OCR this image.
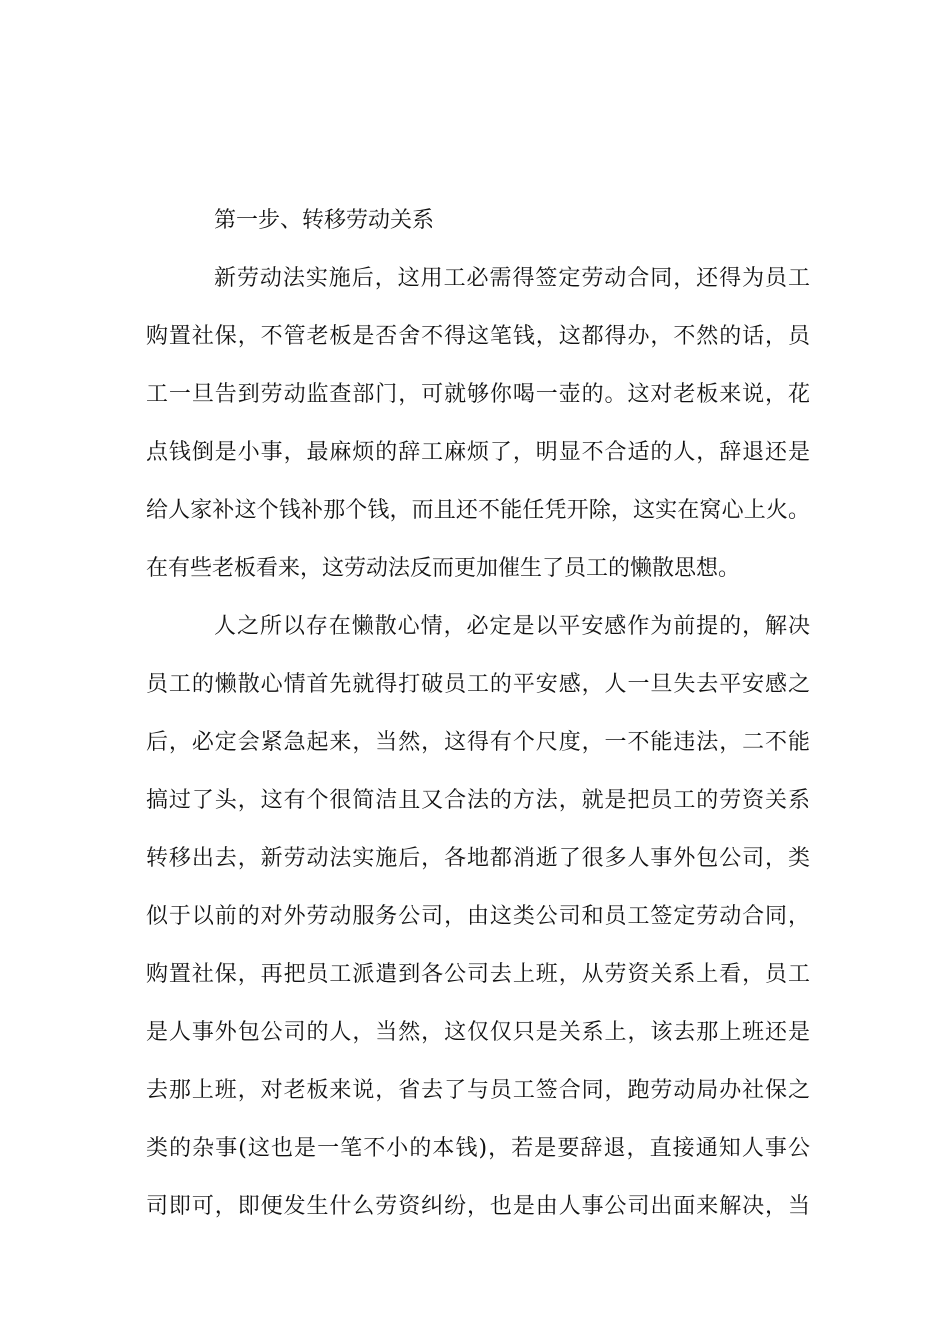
第一步、转移劳动关系
新劳动法实施后，这用工必需得签定劳动合同，还得为员工
购置社保，不管老板是否舍不得这笔钱，这都得办，不然的话，员
工一旦告到劳动监查部门，可就够你喝一壶的。这对老板来说，花
点钱倒是小事，最麻烦的辞工麻烦了，明显不合适的人，辞退还是
给人家补这个钱补那个钱，而且还不能任凭开除，这实在窝心上火。
在有些老板看来，这劳动法反而更加催生了员工的懒散思想。
人之所以存在懒散心情，必定是以平安感作为前提的，解决
员工的懒散心情首先就得打破员工的平安感，人一旦失去平安感之
后，必定会紧急起来，当然，这得有个尺度，一不能违法，二不能
搞过了头，这有个很简洁且又合法的方法，就是把员工的劳资关系
转移出去，新劳动法实施后，各地都消逝了很多人事外包公司，类
似于以前的对外劳动服务公司，由这类公司和员工签定劳动合同，
购置社保，再把员工派遣到各公司去上班，从劳资关系上看，员工
是人事外包公司的人，当然，这仅仅只是关系上，该去那上班还是
去那上班，对老板来说，省去了与员工签合同，跑劳动局办社保之
类的杂事(这也是一笔不小的本钱)，若是要辞退，直接通知人事公
司即可，即便发生什么劳资纠纷，也是由人事公司出面来解决，当
